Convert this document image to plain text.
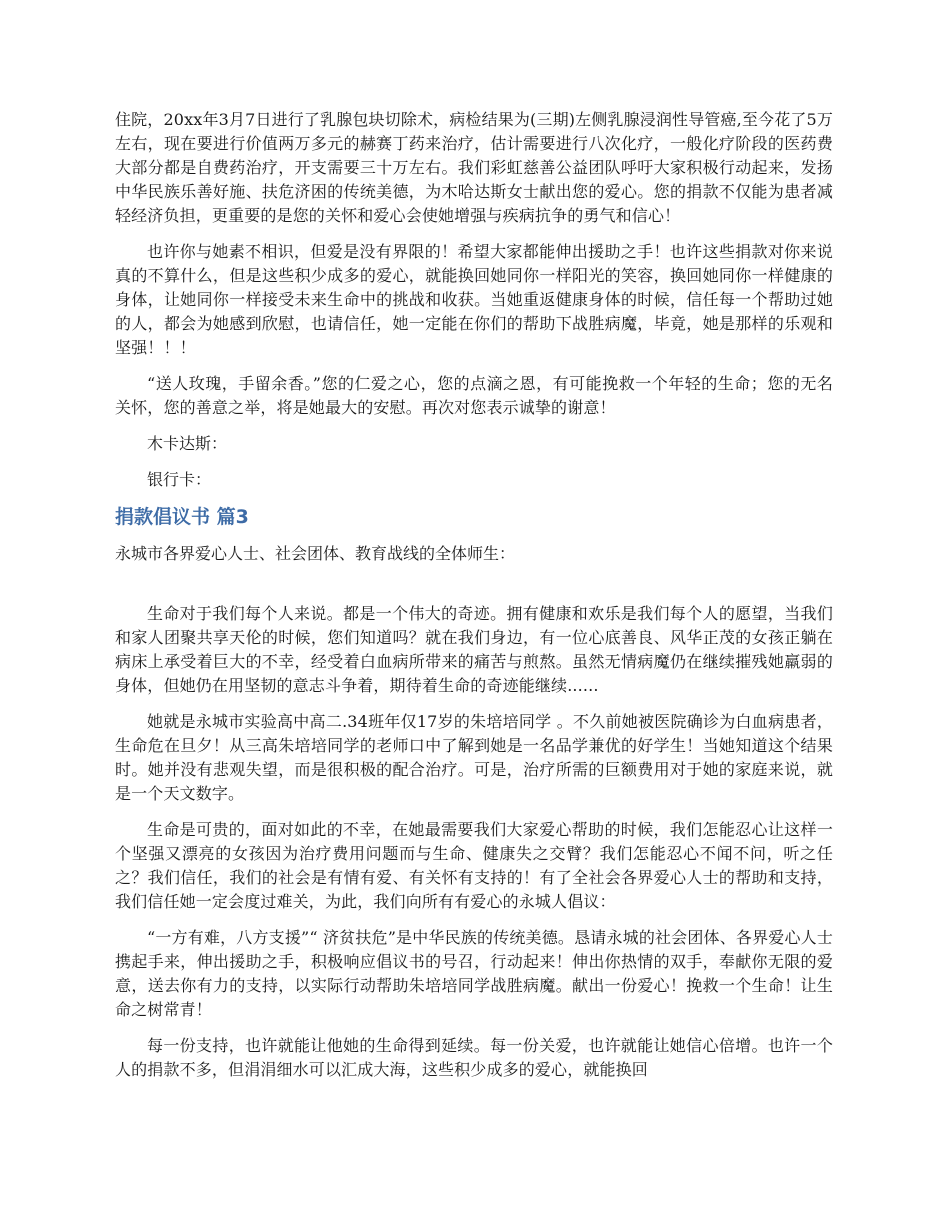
住院，20xx年3月7日进行了乳腺包块切除术，病检结果为(三期)左侧乳腺浸润性导管癌,至今花了5万左右，现在要进行价值两万多元的赫赛丁药来治疗，估计需要进行八次化疗，一般化疗阶段的医药费大部分都是自费药治疗，开支需要三十万左右。我们彩虹慈善公益团队呼吁大家积极行动起来，发扬中华民族乐善好施、扶危济困的传统美德，为木哈达斯女士献出您的爱心。您的捐款不仅能为患者减轻经济负担，更重要的是您的关怀和爱心会使她增强与疾病抗争的勇气和信心！

也许你与她素不相识，但爱是没有界限的！希望大家都能伸出援助之手！也许这些捐款对你来说真的不算什么，但是这些积少成多的爱心，就能换回她同你一样阳光的笑容，换回她同你一样健康的身体，让她同你一样接受未来生命中的挑战和收获。当她重返健康身体的时候，信任每一个帮助过她的人，都会为她感到欣慰，也请信任，她一定能在你们的帮助下战胜病魔，毕竟，她是那样的乐观和坚强！！！

“送人玫瑰，手留余香。”您的仁爱之心，您的点滴之恩，有可能挽救一个年轻的生命；您的无名关怀，您的善意之举，将是她最大的安慰。再次对您表示诚挚的谢意！

木卡达斯：

银行卡：

捐款倡议书 篇3

永城市各界爱心人士、社会团体、教育战线的全体师生：

生命对于我们每个人来说。都是一个伟大的奇迹。拥有健康和欢乐是我们每个人的愿望，当我们和家人团聚共享天伦的时候，您们知道吗？就在我们身边，有一位心底善良、风华正茂的女孩正躺在病床上承受着巨大的不幸，经受着白血病所带来的痛苦与煎熬。虽然无情病魔仍在继续摧残她羸弱的身体，但她仍在用坚韧的意志斗争着，期待着生命的奇迹能继续......

她就是永城市实验高中高二.34班年仅17岁的朱培培同学 。不久前她被医院确诊为白血病患者，生命危在旦夕！从三高朱培培同学的老师口中了解到她是一名品学兼优的好学生！当她知道这个结果时。她并没有悲观失望，而是很积极的配合治疗。可是，治疗所需的巨额费用对于她的家庭来说，就是一个天文数字。

生命是可贵的，面对如此的不幸，在她最需要我们大家爱心帮助的时候，我们怎能忍心让这样一个坚强又漂亮的女孩因为治疗费用问题而与生命、健康失之交臂？我们怎能忍心不闻不问，听之任之？我们信任，我们的社会是有情有爱、有关怀有支持的！有了全社会各界爱心人士的帮助和支持，我们信任她一定会度过难关，为此，我们向所有有爱心的永城人倡议：

“一方有难，八方支援”“ 济贫扶危”是中华民族的传统美德。恳请永城的社会团体、各界爱心人士携起手来，伸出援助之手，积极响应倡议书的号召，行动起来！伸出你热情的双手，奉献你无限的爱意，送去你有力的支持，以实际行动帮助朱培培同学战胜病魔。献出一份爱心！挽救一个生命！让生命之树常青！

每一份支持，也许就能让他她的生命得到延续。每一份关爱，也许就能让她信心倍增。也许一个人的捐款不多，但涓涓细水可以汇成大海，这些积少成多的爱心，就能换回
